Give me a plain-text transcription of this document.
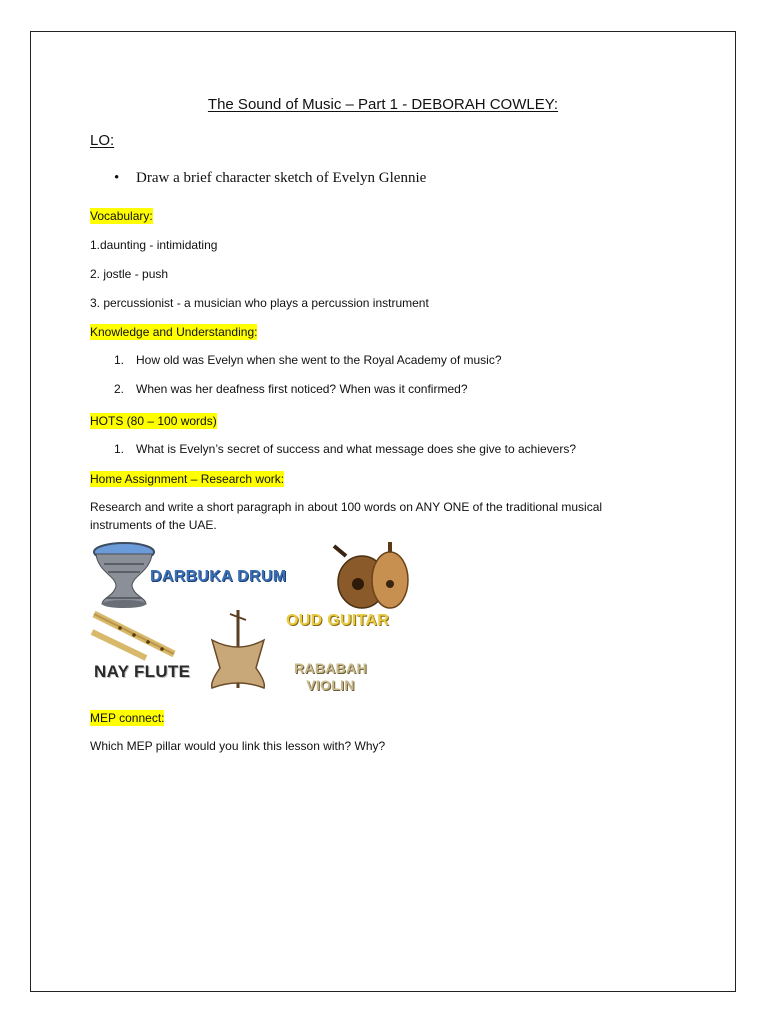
The Sound of Music – Part 1 - DEBORAH COWLEY:
LO:
• Draw a brief character sketch of Evelyn Glennie
Vocabulary:
1.daunting - intimidating
2. jostle - push
3. percussionist - a musician who plays a percussion instrument
Knowledge and Understanding:
1. How old was Evelyn when she went to the Royal Academy of music?
2. When was her deafness first noticed? When was it confirmed?
HOTS (80 – 100 words)
1. What is Evelyn’s secret of success and what message does she give to achievers?
Home Assignment – Research work:
Research and write a short paragraph in about 100 words on ANY ONE of the traditional musical instruments of the UAE.
DARBUKA DRUM
OUD GUITAR
NAY FLUTE	RABABAH
VIOLIN
MEP connect:
Which MEP pillar would you link this lesson with? Why?
